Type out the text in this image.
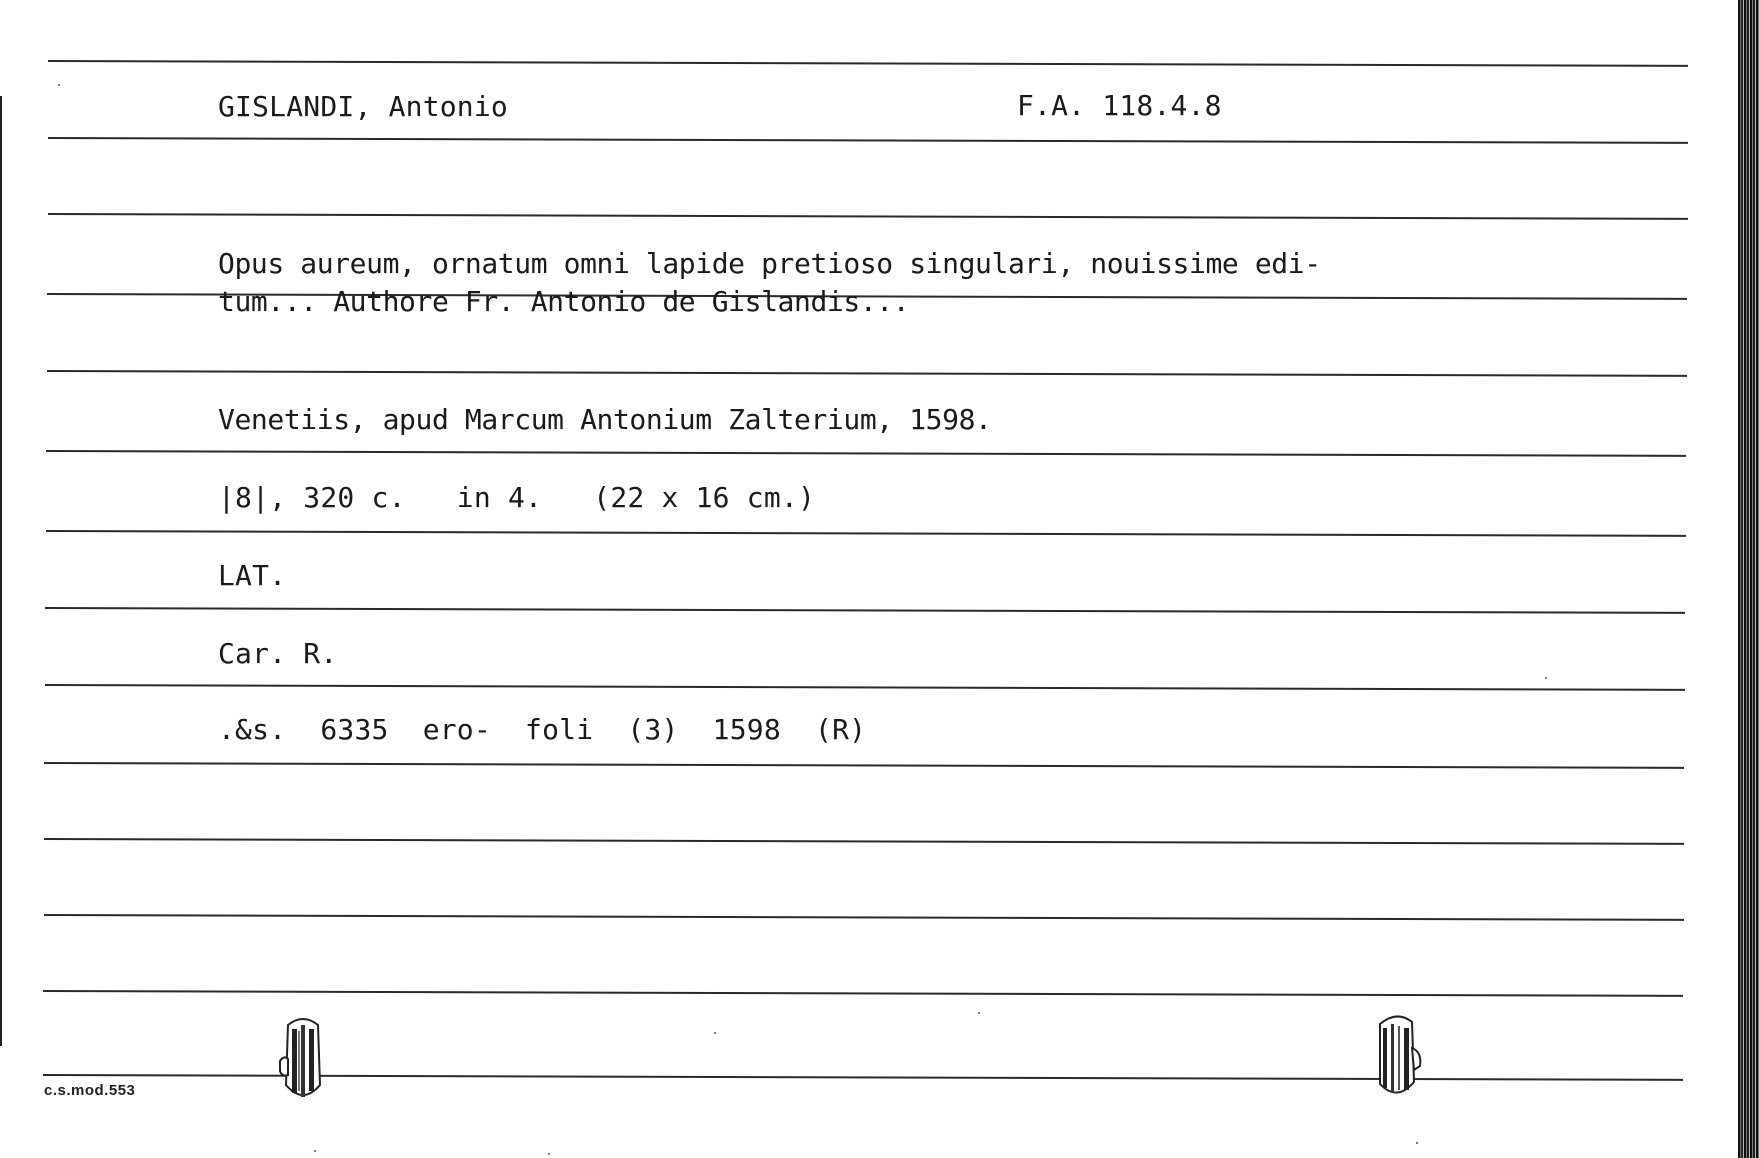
GISLANDI, Antonio	F.A. 118.4.8
Opus aureum, ornatum omni lapide pretioso singulari, nouissime edi-
tum... Authore Fr. Antonio de Gislandis...
Venetiis, apud Marcum Antonium Zalterium, 1598.
|8|, 320 c.   in 4.   (22 x 16 cm.)
LAT.
Car. R.
.&s.  6335  ero-  foli  (3)  1598  (R)
c.s.mod.553
